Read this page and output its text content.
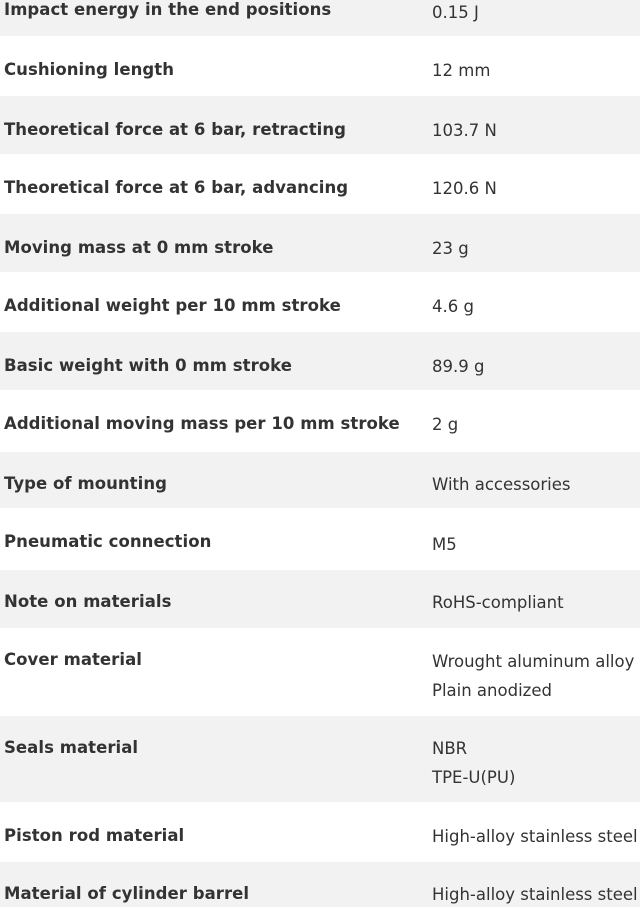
Impact energy in the end positions	0.15 J
Cushioning length	12 mm
Theoretical force at 6 bar, retracting	103.7 N
Theoretical force at 6 bar, advancing	120.6 N
Moving mass at 0 mm stroke	23 g
Additional weight per 10 mm stroke	4.6 g
Basic weight with 0 mm stroke	89.9 g
Additional moving mass per 10 mm stroke 2 g
Type of mounting	With accessories
Pneumatic connection	M5
Note on materials	RoHS-compliant
Cover material	Wrought aluminum alloy
Plain anodized
Seals material	NBR
TPE-U(PU)
Piston rod material	High-alloy stainless steel
Material of cylinder barrel	High-alloy stainless steel
